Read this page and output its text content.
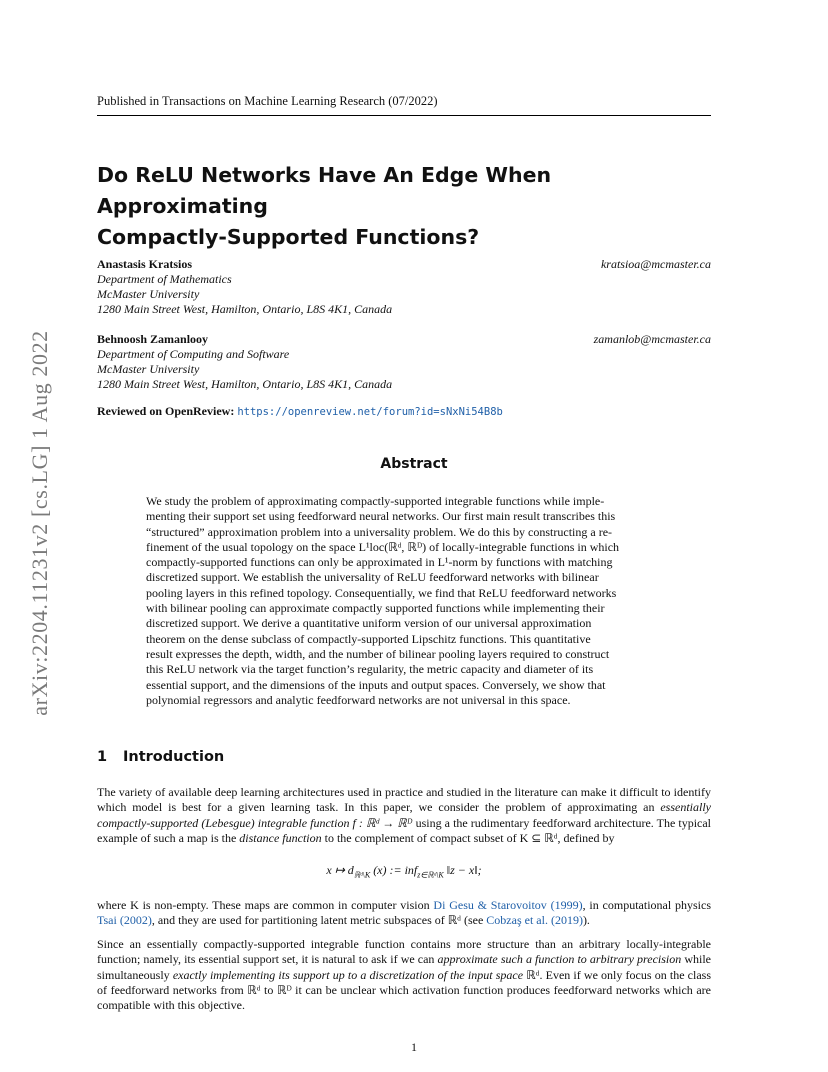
Published in Transactions on Machine Learning Research (07/2022)
arXiv:2204.11231v2 [cs.LG] 1 Aug 2022
Do ReLU Networks Have An Edge When Approximating
Compactly-Supported Functions?
Anastasis Kratsios	kratsioa@mcmaster.ca
Department of Mathematics
McMaster University
1280 Main Street West, Hamilton, Ontario, L8S 4K1, Canada
Behnoosh Zamanlooy	zamanlob@mcmaster.ca
Department of Computing and Software
McMaster University
1280 Main Street West, Hamilton, Ontario, L8S 4K1, Canada
Reviewed on OpenReview: https://openreview.net/forum?id=sNxNi54B8b
Abstract

We study the problem of approximating compactly-supported integrable functions while imple-

menting their support set using feedforward neural networks. Our first main result transcribes this

“structured” approximation problem into a universality problem. We do this by constructing a re-

finement of the usual topology on the space L¹loc(ℝᵈ, ℝᴰ) of locally-integrable functions in which

compactly-supported functions can only be approximated in L¹-norm by functions with matching

discretized support. We establish the universality of ReLU feedforward networks with bilinear

pooling layers in this refined topology. Consequentially, we find that ReLU feedforward networks

with bilinear pooling can approximate compactly supported functions while implementing their

discretized support. We derive a quantitative uniform version of our universal approximation

theorem on the dense subclass of compactly-supported Lipschitz functions. This quantitative

result expresses the depth, width, and the number of bilinear pooling layers required to construct

this ReLU network via the target function’s regularity, the metric capacity and diameter of its

essential support, and the dimensions of the inputs and output spaces. Conversely, we show that

polynomial regressors and analytic feedforward networks are not universal in this space.

1 Introduction

The variety of available deep learning architectures used in practice and studied in the literature can make it difficult to identify which model is best for a given learning task. In this paper, we consider the problem of approximating an essentially compactly-supported (Lebesgue) integrable function f : ℝᵈ → ℝᴰ using a the rudimentary feedforward architecture. The typical example of such a map is the distance function to the complement of compact subset of K ⊆ ℝᵈ, defined by

x ↦ $d_{ℝᵈ\backslash K}$ (x) := inf$_{z\in ℝᵈ\backslash K}$ ‖z − x‖;

where K is non-empty. These maps are common in computer vision Di Gesu & Starovoitov (1999), in computational physics Tsai (2002), and they are used for partitioning latent metric subspaces of ℝᵈ (see Cobzaş et al. (2019)).

Since an essentially compactly-supported integrable function contains more structure than an arbitrary locally-integrable function; namely, its essential support set, it is natural to ask if we can approximate such a function to arbitrary precision while simultaneously exactly implementing its support up to a discretization of the input space ℝᵈ. Even if we only focus on the class of feedforward networks from ℝᵈ to ℝᴰ it can be unclear which activation function produces feedforward networks which are compatible with this objective.

1
